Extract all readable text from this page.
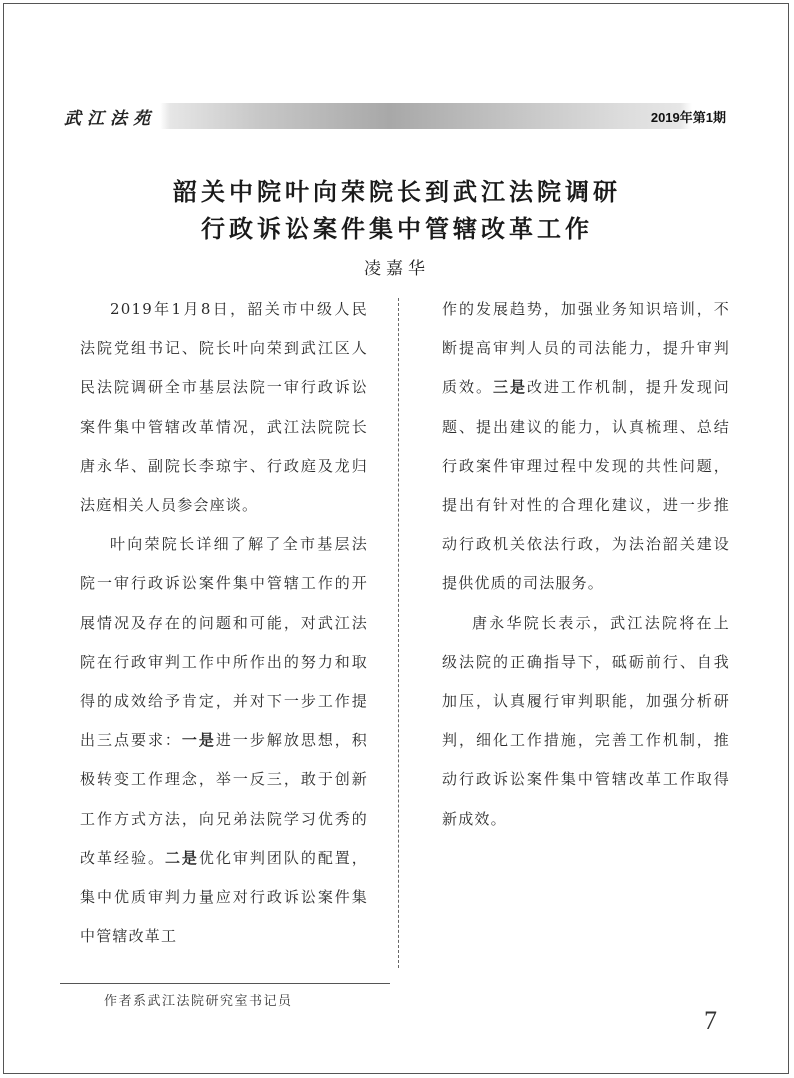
武江法苑	2019年第1期
韶关中院叶向荣院长到武江法院调研
行政诉讼案件集中管辖改革工作
凌嘉华

2019年1月8日，韶关市中级人民法院党组书记、院长叶向荣到武江区人民法院调研全市基层法院一审行政诉讼案件集中管辖改革情况，武江法院院长唐永华、副院长李琼宇、行政庭及龙归法庭相关人员参会座谈。

叶向荣院长详细了解了全市基层法院一审行政诉讼案件集中管辖工作的开展情况及存在的问题和可能，对武江法院在行政审判工作中所作出的努力和取得的成效给予肯定，并对下一步工作提出三点要求：一是进一步解放思想，积极转变工作理念，举一反三，敢于创新工作方式方法，向兄弟法院学习优秀的改革经验。二是优化审判团队的配置，集中优质审判力量应对行政诉讼案件集中管辖改革工

作的发展趋势，加强业务知识培训，不断提高审判人员的司法能力，提升审判质效。三是改进工作机制，提升发现问题、提出建议的能力，认真梳理、总结行政案件审理过程中发现的共性问题，提出有针对性的合理化建议，进一步推动行政机关依法行政，为法治韶关建设提供优质的司法服务。

唐永华院长表示，武江法院将在上级法院的正确指导下，砥砺前行、自我加压，认真履行审判职能，加强分析研判，细化工作措施，完善工作机制，推动行政诉讼案件集中管辖改革工作取得新成效。

作者系武江法院研究室书记员
7
